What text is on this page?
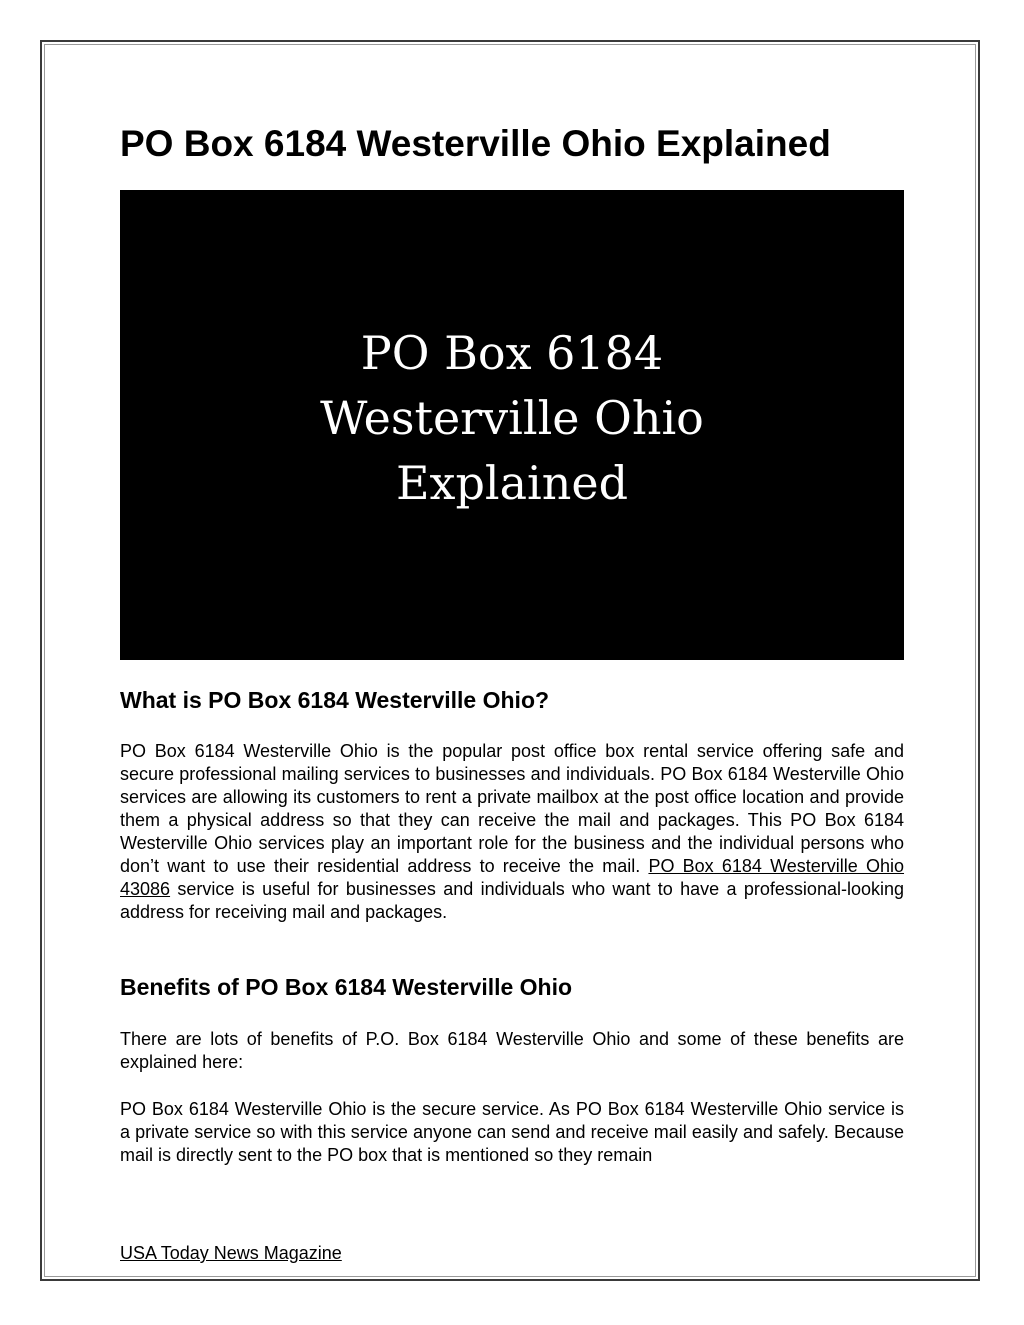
PO Box 6184 Westerville Ohio Explained
PO Box 6184
Westerville Ohio
Explained
What is PO Box 6184 Westerville Ohio?

PO Box 6184 Westerville Ohio is the popular post office box rental service offering safe and secure professional mailing services to businesses and individuals. PO Box 6184 Westerville Ohio services are allowing its customers to rent a private mailbox at the post office location and provide them a physical address so that they can receive the mail and packages. This PO Box 6184 Westerville Ohio services play an important role for the business and the individual persons who don’t want to use their residential address to receive the mail. PO Box 6184 Westerville Ohio 43086 service is useful for businesses and individuals who want to have a professional-looking address for receiving mail and packages.

Benefits of PO Box 6184 Westerville Ohio

There are lots of benefits of P.O. Box 6184 Westerville Ohio and some of these benefits are explained here:

PO Box 6184 Westerville Ohio is the secure service. As PO Box 6184 Westerville Ohio service is a private service so with this service anyone can send and receive mail easily and safely. Because mail is directly sent to the PO box that is mentioned so they remain

USA Today News Magazine
